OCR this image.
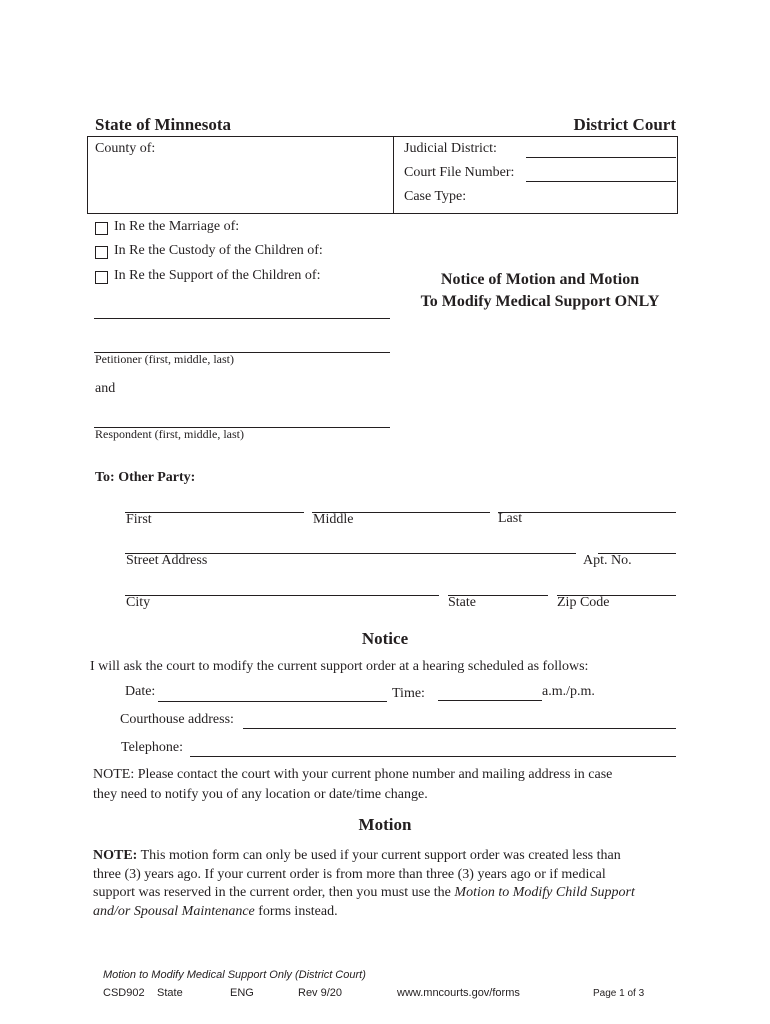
State of Minnesota	District Court
County of:	Judicial District:
Court File Number:
Case Type:
In Re the Marriage of:
In Re the Custody of the Children of:
In Re the Support of the Children of:	Notice of Motion and Motion
To Modify Medical Support ONLY
Petitioner (first, middle, last)
and
Respondent (first, middle, last)
To: Other Party:
First	Middle	Last
Street Address	Apt. No.
City	State	Zip Code
Notice
I will ask the court to modify the current support order at a hearing scheduled as follows:
Date:	Time:	a.m./p.m.
Courthouse address:
Telephone:
NOTE: Please contact the court with your current phone number and mailing address in case
they need to notify you of any location or date/time change.
Motion
NOTE: This motion form can only be used if your current support order was created less than
three (3) years ago. If your current order is from more than three (3) years ago or if medical
support was reserved in the current order, then you must use the Motion to Modify Child Support
and/or Spousal Maintenance forms instead.
Motion to Modify Medical Support Only (District Court)
CSD902 State	ENG	Rev 9/20	www.mncourts.gov/forms	Page 1 of 3
